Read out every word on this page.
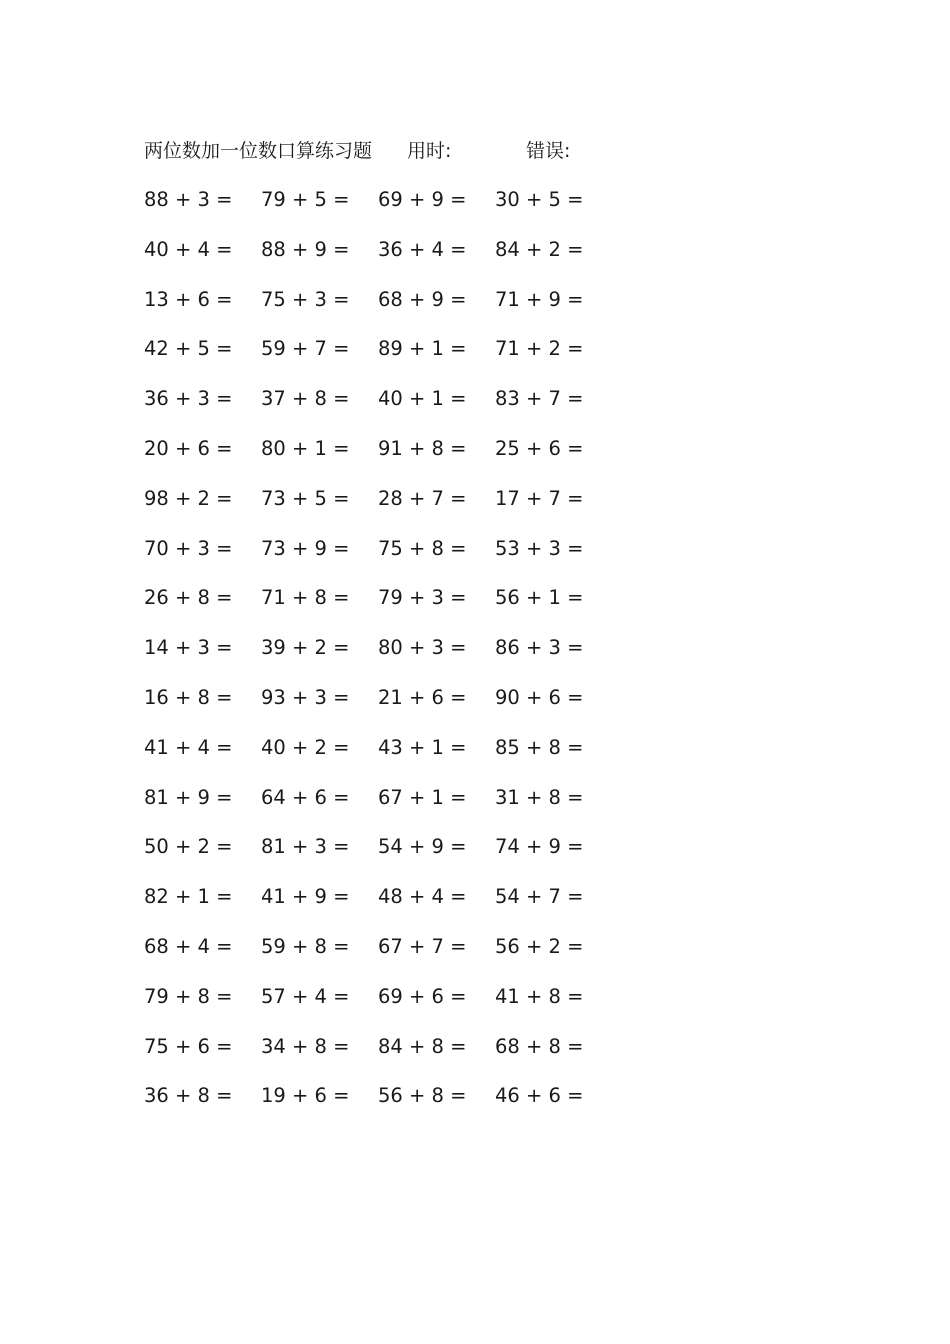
两位数加一位数口算练习题 用时:	错误:
88 + 3 = 79 + 5 = 69 + 9 = 30 + 5 =
40 + 4 = 88 + 9 = 36 + 4 = 84 + 2 =
13 + 6 = 75 + 3 = 68 + 9 = 71 + 9 =
42 + 5 = 59 + 7 = 89 + 1 = 71 + 2 =
36 + 3 = 37 + 8 = 40 + 1 = 83 + 7 =
20 + 6 = 80 + 1 = 91 + 8 = 25 + 6 =
98 + 2 = 73 + 5 = 28 + 7 = 17 + 7 =
70 + 3 = 73 + 9 = 75 + 8 = 53 + 3 =
26 + 8 = 71 + 8 = 79 + 3 = 56 + 1 =
14 + 3 = 39 + 2 = 80 + 3 = 86 + 3 =
16 + 8 = 93 + 3 = 21 + 6 = 90 + 6 =
41 + 4 = 40 + 2 = 43 + 1 = 85 + 8 =
81 + 9 = 64 + 6 = 67 + 1 = 31 + 8 =
50 + 2 = 81 + 3 = 54 + 9 = 74 + 9 =
82 + 1 = 41 + 9 = 48 + 4 = 54 + 7 =
68 + 4 = 59 + 8 = 67 + 7 = 56 + 2 =
79 + 8 = 57 + 4 = 69 + 6 = 41 + 8 =
75 + 6 = 34 + 8 = 84 + 8 = 68 + 8 =
36 + 8 = 19 + 6 = 56 + 8 = 46 + 6 =
